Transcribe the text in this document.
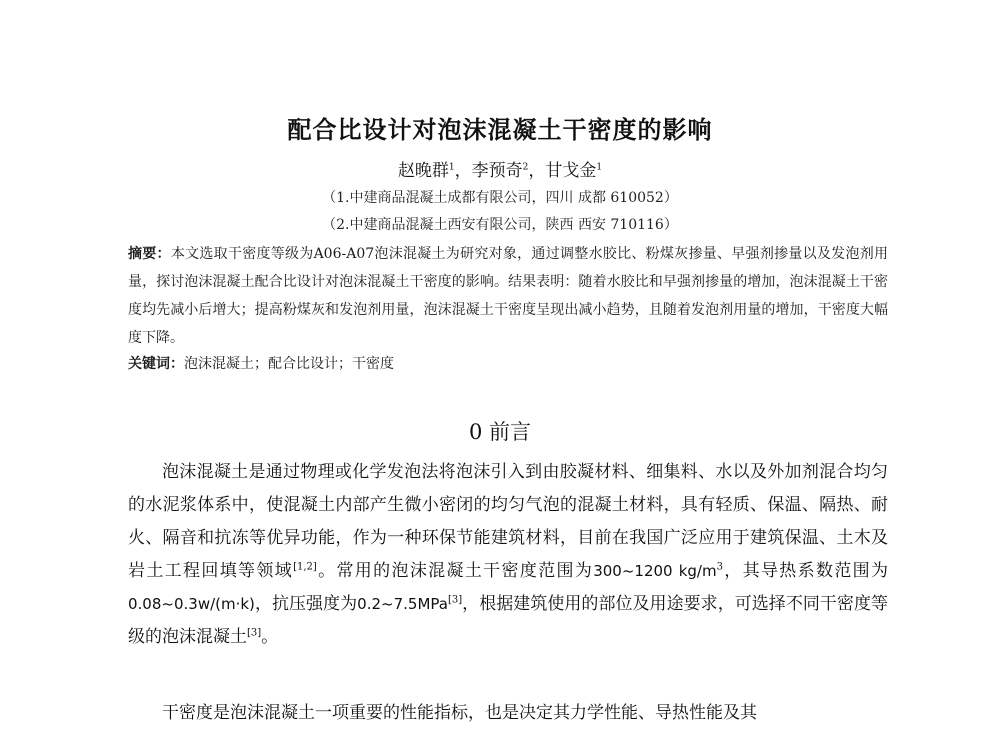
配合比设计对泡沫混凝土干密度的影响
赵晚群$^1$，李预奇$^2$，甘戈金$^1$
（1.中建商品混凝土成都有限公司，四川 成都 610052）
（2.中建商品混凝土西安有限公司，陕西 西安 710116）
摘要：本文选取干密度等级为A06-A07泡沫混凝土为研究对象，通过调整水胶比、粉煤灰掺量、早强剂掺量以及发泡剂用量，探讨泡沫混凝土配合比设计对泡沫混凝土干密度的影响。结果表明：随着水胶比和早强剂掺量的增加，泡沫混凝土干密度均先减小后增大；提高粉煤灰和发泡剂用量，泡沫混凝土干密度呈现出减小趋势，且随着发泡剂用量的增加，干密度大幅度下降。
关键词：泡沫混凝土；配合比设计；干密度
0 前言

泡沫混凝土是通过物理或化学发泡法将泡沫引入到由胶凝材料、细集料、水以及外加剂混合均匀的水泥浆体系中，使混凝土内部产生微小密闭的均匀气泡的混凝土材料，具有轻质、保温、隔热、耐火、隔音和抗冻等优异功能，作为一种环保节能建筑材料，目前在我国广泛应用于建筑保温、土木及岩土工程回填等领域[1,2]。常用的泡沫混凝土干密度范围为300~1200 $kg/m^3$，其导热系数范围为0.08~0.3w/(m·k)，抗压强度为0.2~7.5MPa[3]，根据建筑使用的部位及用途要求，可选择不同干密度等级的泡沫混凝土[3]。

干密度是泡沫混凝土一项重要的性能指标，也是决定其力学性能、导热性能及其
